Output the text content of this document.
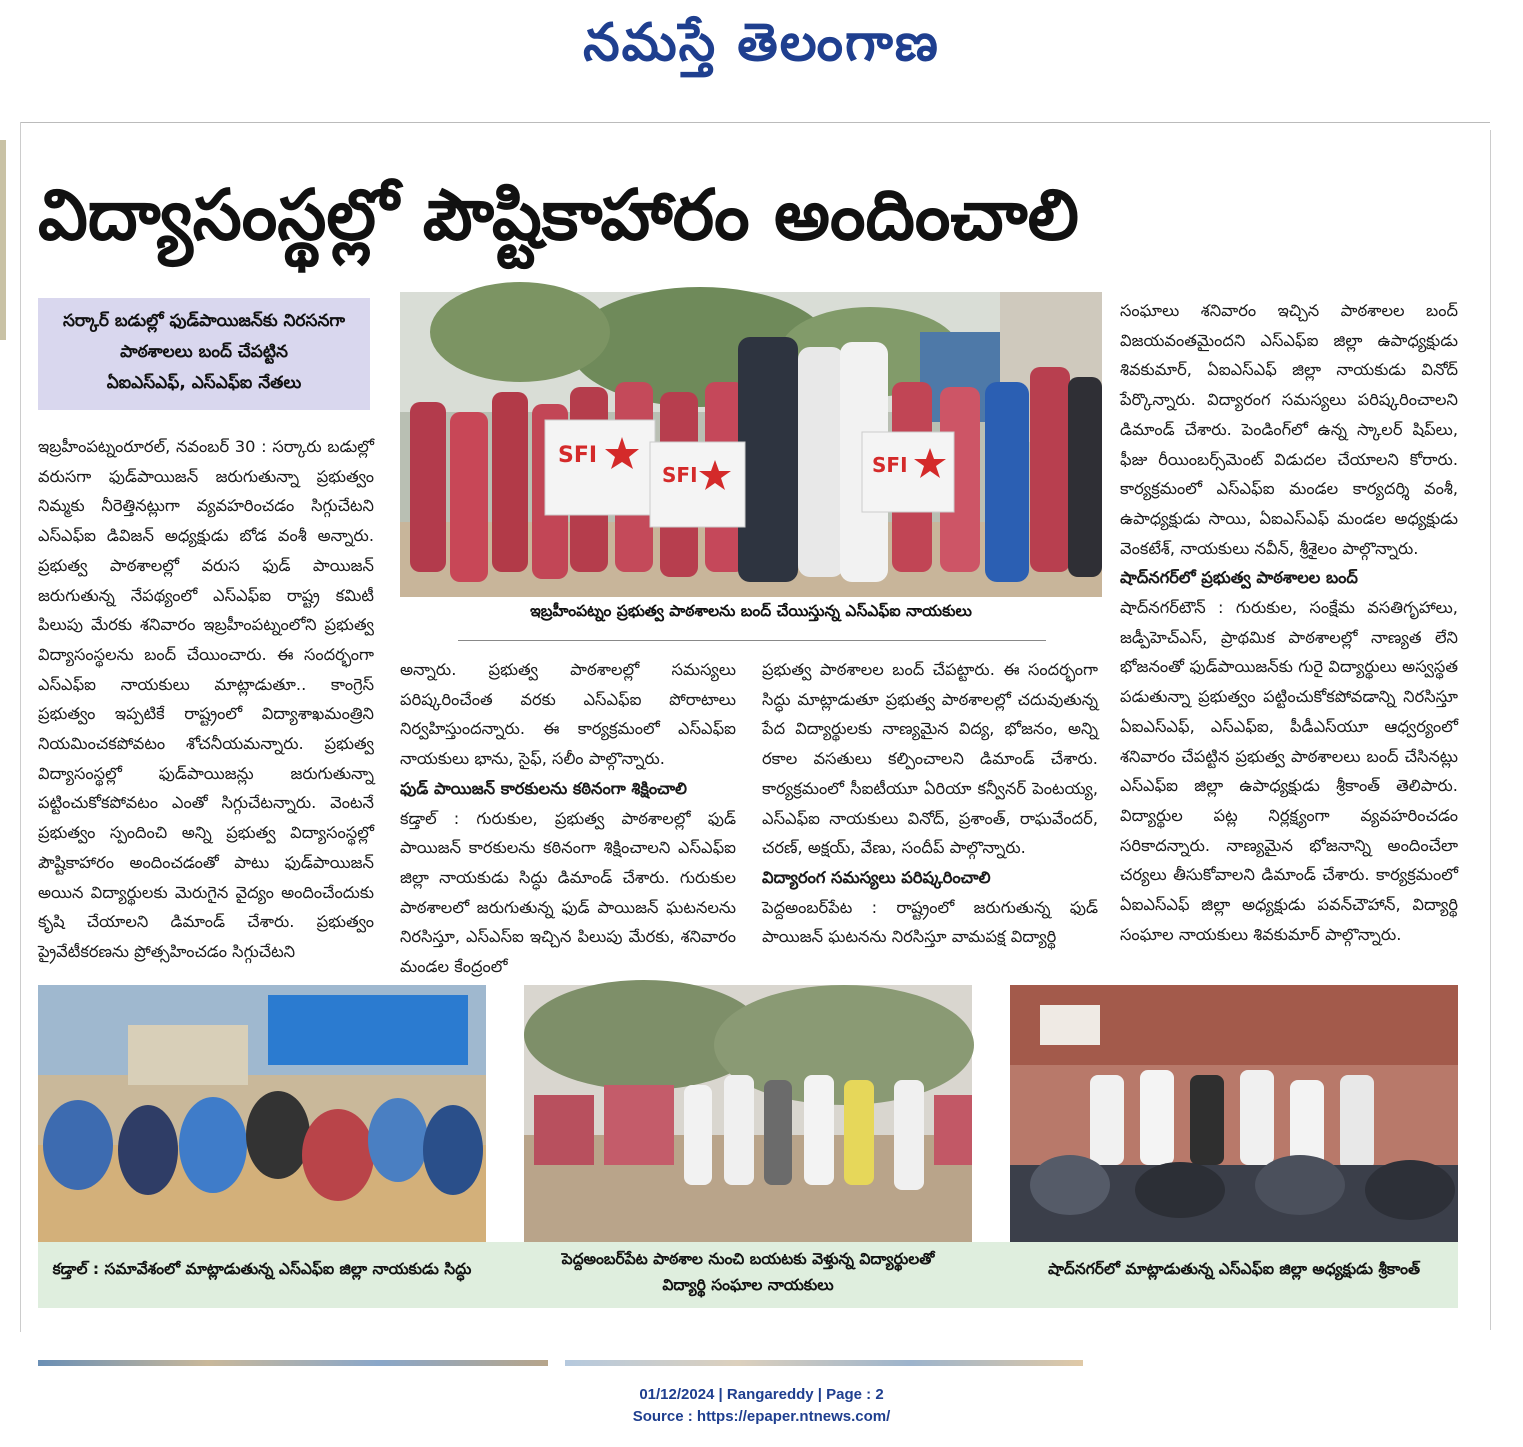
నమస్తే తెలంగాణ
విద్యాసంస్థల్లో పౌష్టికాహారం అందించాలి
సర్కార్ బడుల్లో ఫుడ్‌పాయిజన్‌కు నిరసనగా
పాఠశాలలు బంద్ చేపట్టిన
ఏఐఎస్‌ఎఫ్, ఎస్‌ఎఫ్ఐ నేతలు
SFI
SFI	SFI
ఇబ్రహీంపట్నం ప్రభుత్వ పాఠశాలను బంద్ చేయిస్తున్న ఎస్‌ఎఫ్ఐ నాయకులు

ఇబ్రహీంపట్నంరూరల్, నవంబర్ 30 : సర్కారు బడుల్లో వరుసగా ఫుడ్‌పాయిజన్ జరుగుతున్నా ప్రభుత్వం నిమ్మకు నీరెత్తినట్లుగా వ్యవహరించడం సిగ్గుచేటని ఎస్‌ఎఫ్ఐ డివిజన్ అధ్యక్షుడు బోడ వంశీ అన్నారు. ప్రభుత్వ పాఠశాలల్లో వరుస ఫుడ్ పాయిజన్ జరుగుతున్న నేపథ్యంలో ఎస్‌ఎఫ్ఐ రాష్ట్ర కమిటీ పిలుపు మేరకు శనివారం ఇబ్రహీంపట్నంలోని ప్రభుత్వ విద్యాసంస్థలను బంద్ చేయించారు. ఈ సందర్భంగా ఎస్‌ఎఫ్ఐ నాయకులు మాట్లాడుతూ.. కాంగ్రెస్ ప్రభుత్వం ఇప్పటికే రాష్ట్రంలో విద్యాశాఖమంత్రిని నియమించకపోవటం శోచనీయమన్నారు. ప్రభుత్వ విద్యాసంస్థల్లో ఫుడ్‌పాయిజన్లు జరుగుతున్నా పట్టించుకోకపోవటం ఎంతో సిగ్గుచేటన్నారు. వెంటనే ప్రభుత్వం స్పందించి అన్ని ప్రభుత్వ విద్యాసంస్థల్లో పౌష్టికాహారం అందించడంతో పాటు ఫుడ్‌పాయిజన్ అయిన విద్యార్థులకు మెరుగైన వైద్యం అందించేందుకు కృషి చేయాలని డిమాండ్ చేశారు. ప్రభుత్వం ప్రైవేటీకరణను ప్రోత్సహించడం సిగ్గుచేటని

అన్నారు. ప్రభుత్వ పాఠశాలల్లో సమస్యలు పరిష్కరించేంత వరకు ఎస్‌ఎఫ్ఐ పోరాటాలు నిర్వహిస్తుందన్నారు. ఈ కార్యక్రమంలో ఎస్‌ఎఫ్ఐ నాయకులు భాను, సైఫ్, సలీం పాల్గొన్నారు.

ఫుడ్ పాయిజన్ కారకులను కఠినంగా శిక్షించాలి

కడ్తాల్ : గురుకుల, ప్రభుత్వ పాఠశాలల్లో ఫుడ్ పాయిజన్ కారకులను కఠినంగా శిక్షించాలని ఎస్‌ఎఫ్ఐ జిల్లా నాయకుడు సిద్ధు డిమాండ్ చేశారు. గురుకుల పాఠశాలలో జరుగుతున్న ఫుడ్ పాయిజన్ ఘటనలను నిరసిస్తూ, ఎస్‌ఎస్ఐ ఇచ్చిన పిలుపు మేరకు, శనివారం మండల కేంద్రంలో

ప్రభుత్వ పాఠశాలల బంద్ చేపట్టారు. ఈ సందర్భంగా సిద్ధు మాట్లాడుతూ ప్రభుత్వ పాఠశాలల్లో చదువుతున్న పేద విద్యార్థులకు నాణ్యమైన విద్య, భోజనం, అన్ని రకాల వసతులు కల్పించాలని డిమాండ్ చేశారు. కార్యక్రమంలో సీఐటీయూ ఏరియా కన్వీనర్ పెంటయ్య, ఎస్‌ఎఫ్ఐ నాయకులు వినోద్, ప్రశాంత్, రాఘవేందర్, చరణ్, అక్షయ్, వేణు, సందీప్ పాల్గొన్నారు.

విద్యారంగ సమస్యలు పరిష్కరించాలి

పెద్దఅంబర్‌పేట : రాష్ట్రంలో జరుగుతున్న ఫుడ్ పాయిజన్ ఘటనను నిరసిస్తూ వామపక్ష విద్యార్థి

సంఘాలు శనివారం ఇచ్చిన పాఠశాలల బంద్ విజయవంతమైందని ఎస్‌ఎఫ్ఐ జిల్లా ఉపాధ్యక్షుడు శివకుమార్, ఏఐఎస్‌ఎఫ్ జిల్లా నాయకుడు వినోద్ పేర్కొన్నారు. విద్యారంగ సమస్యలు పరిష్కరించాలని డిమాండ్ చేశారు. పెండింగ్‌లో ఉన్న స్కాలర్ షిప్‌లు, ఫీజు రీయింబర్స్‌మెంట్ విడుదల చేయాలని కోరారు. కార్యక్రమంలో ఎస్‌ఎఫ్ఐ మండల కార్యదర్శి వంశీ, ఉపాధ్యక్షుడు సాయి, ఏఐఎస్‌ఎఫ్ మండల అధ్యక్షుడు వెంకటేశ్, నాయకులు నవీన్, శ్రీశైలం పాల్గొన్నారు.

షాద్‌నగర్‌లో ప్రభుత్వ పాఠశాలల బంద్

షాద్‌నగర్‌టౌన్ : గురుకుల, సంక్షేమ వసతిగృహాలు, జడ్పీహెచ్‌ఎస్, ప్రాథమిక పాఠశాలల్లో నాణ్యత లేని భోజనంతో ఫుడ్‌పాయిజన్‌కు గురై విద్యార్థులు అస్వస్థత పడుతున్నా ప్రభుత్వం పట్టించుకోకపోవడాన్ని నిరసిస్తూ ఏఐఎస్‌ఎఫ్, ఎస్‌ఎఫ్ఐ, పీడీఎస్‌యూ ఆధ్వర్యంలో శనివారం చేపట్టిన ప్రభుత్వ పాఠశాలలు బంద్ చేసినట్లు ఎస్‌ఎఫ్ఐ జిల్లా ఉపాధ్యక్షుడు శ్రీకాంత్ తెలిపారు. విద్యార్థుల పట్ల నిర్లక్ష్యంగా వ్యవహరించడం సరికాదన్నారు. నాణ్యమైన భోజనాన్ని అందించేలా చర్యలు తీసుకోవాలని డిమాండ్ చేశారు. కార్యక్రమంలో ఏఐఎస్‌ఎఫ్ జిల్లా అధ్యక్షుడు పవన్‌చౌహాన్, విద్యార్థి సంఘాల నాయకులు శివకుమార్ పాల్గొన్నారు.

కడ్తాల్ : సమావేశంలో మాట్లాడుతున్న ఎస్‌ఎఫ్ఐ జిల్లా నాయకుడు సిద్ధు
పెద్దఅంబర్‌పేట పాఠశాల నుంచి బయటకు వెళ్తున్న విద్యార్థులతో
విద్యార్థి సంఘాల నాయకులు
షాద్‌నగర్‌లో మాట్లాడుతున్న ఎస్‌ఎఫ్ఐ జిల్లా అధ్యక్షుడు శ్రీకాంత్
01/12/2024 | Rangareddy | Page : 2
Source : https://epaper.ntnews.com/
